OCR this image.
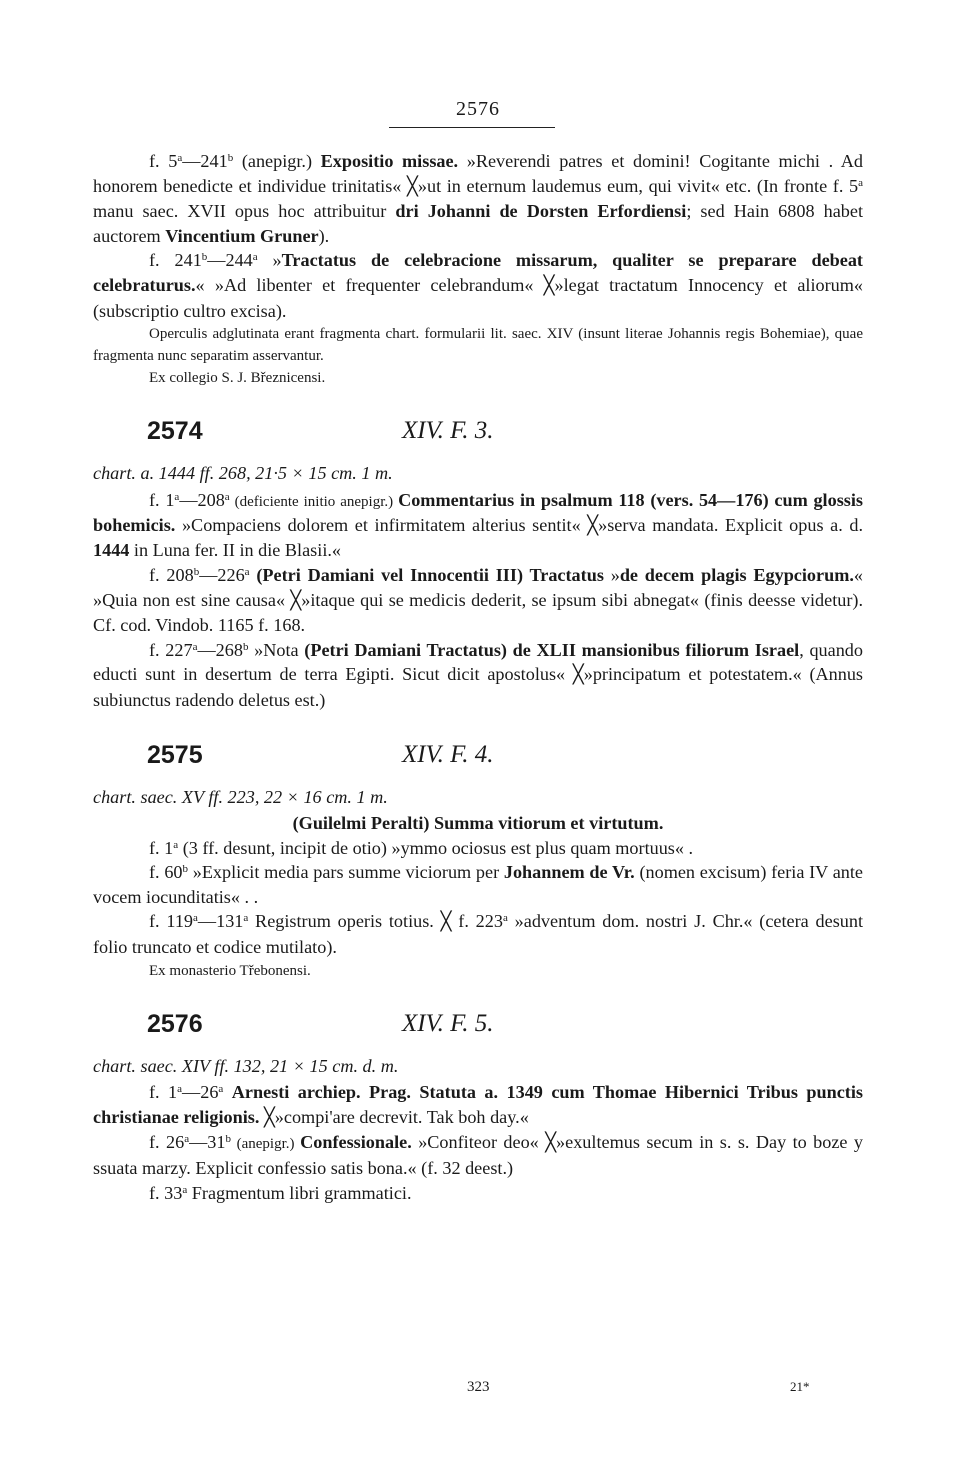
2576

f. 5$^a$—241$^b$ (anepigr.) Expositio missae. »Reverendi patres et domini! Cogitante michi . Ad honorem benedicte et individue trinitatis« ╳»ut in eternum laudemus eum, qui vivit« etc. (In fronte f. 5$^a$ manu saec. XVII opus hoc attribuitur dri Johanni de Dorsten Erfordiensi; sed Hain 6808 habet auctorem Vincentium Gruner).

f. 241$^b$—244$^a$ »Tractatus de celebracione missarum, qualiter se preparare debeat celebraturus.« »Ad libenter et frequenter celebrandum« ╳»legat tractatum Innocency et aliorum« (subscriptio cultro excisa).

Operculis adglutinata erant fragmenta chart. formularii lit. saec. XIV (insunt literae Johannis regis Bohemiae), quae fragmenta nunc separatim asservantur.

Ex collegio S. J. Březnicensi.

2574	XIV. F. 3.

chart. a. 1444 ff. 268, 21·5 × 15 cm. 1 m.

f. 1$^a$—208$^a$ (deficiente initio anepigr.) Commentarius in psalmum 118 (vers. 54—176) cum glossis bohemicis. »Compaciens dolorem et infirmitatem alterius sentit« ╳»serva mandata. Explicit opus a. d. 1444 in Luna fer. II in die Blasii.«

f. 208$^b$—226$^a$ (Petri Damiani vel Innocentii III) Tractatus »de decem plagis Egypciorum.« »Quia non est sine causa« ╳»itaque qui se medicis dederit, se ipsum sibi abnegat« (finis deesse videtur). Cf. cod. Vindob. 1165 f. 168.

f. 227$^a$—268$^b$ »Nota (Petri Damiani Tractatus) de XLII mansionibus filiorum Israel, quando educti sunt in desertum de terra Egipti. Sicut dicit apostolus« ╳»principatum et potestatem.« (Annus subiunctus radendo deletus est.)

2575	XIV. F. 4.

chart. saec. XV ff. 223, 22 × 16 cm. 1 m.

(Guilelmi Peralti) Summa vitiorum et virtutum.

f. 1$^a$ (3 ff. desunt, incipit de otio) »ymmo ociosus est plus quam mortuus« .

f. 60$^b$ »Explicit media pars summe viciorum per Johannem de Vr. (nomen excisum) feria IV ante vocem iocunditatis« . .

f. 119$^a$—131$^a$ Registrum operis totius. ╳ f. 223$^a$ »adventum dom. nostri J. Chr.« (cetera desunt folio truncato et codice mutilato).

Ex monasterio Třebonensi.

2576	XIV. F. 5.

chart. saec. XIV ff. 132, 21 × 15 cm. d. m.

f. 1$^a$—26$^a$ Arnesti archiep. Prag. Statuta a. 1349 cum Thomae Hibernici Tribus punctis christianae religionis. ╳»compi'are decrevit. Tak boh day.«

f. 26$^a$—31$^b$ (anepigr.) Confessionale. »Confiteor deo« ╳»exultemus secum in s. s. Day to boze y ssuata marzy. Explicit confessio satis bona.« (f. 32 deest.)

f. 33$^a$ Fragmentum libri grammatici.

323	21*
